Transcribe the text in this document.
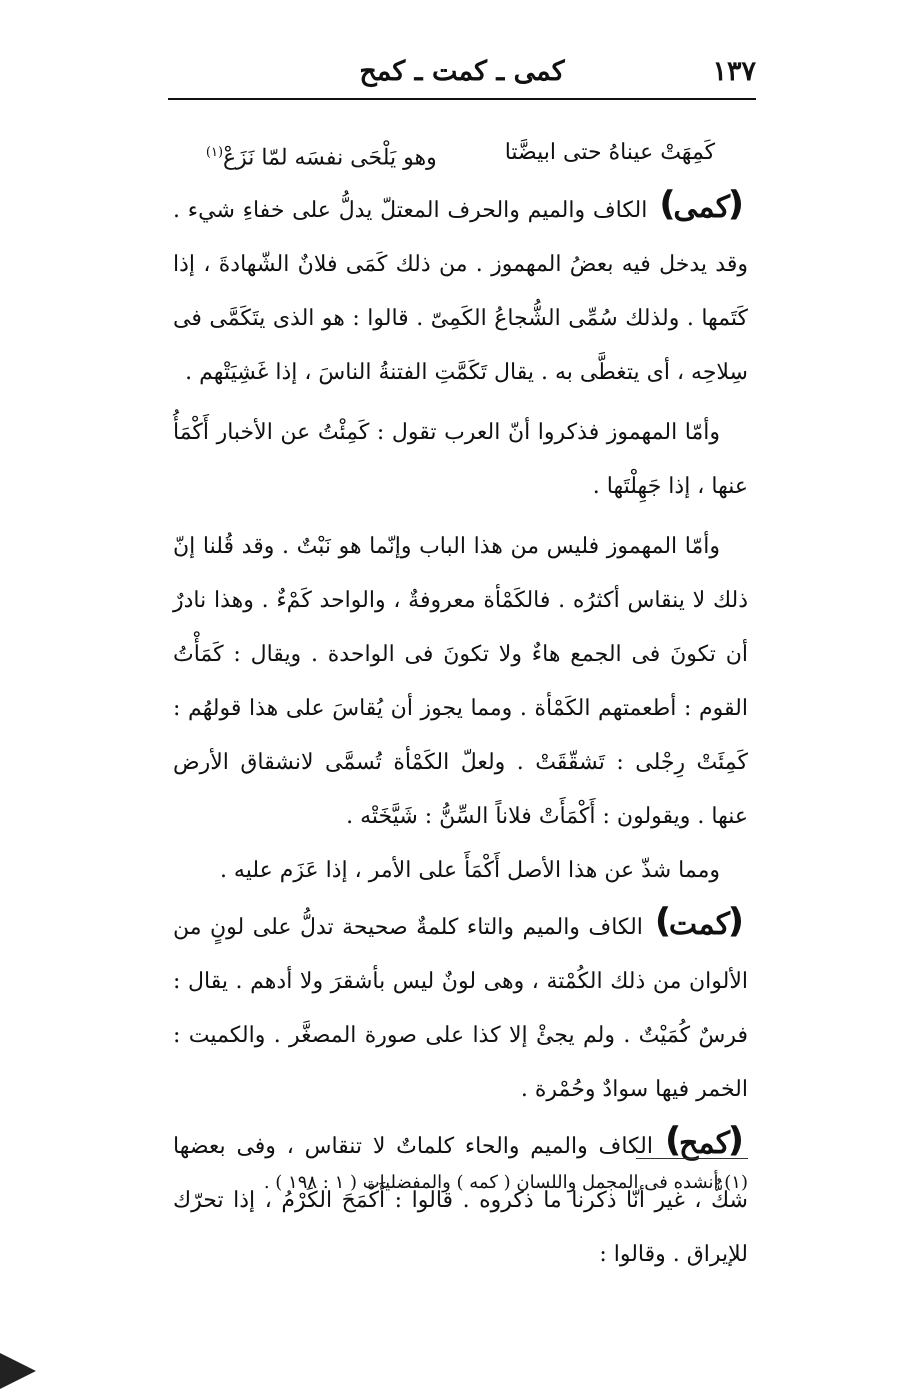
١٣٧
كمى ـ كمت ـ كمح
كَمِهَتْ عيناهُ حتى ابيضَّتا
وهو يَلْحَى نفسَه لمّا نَزَعْ$^{(١)}$

❪ كمى ❫الكاف والميم والحرف المعتلّ يدلُّ على خفاءِ شيء . وقد يدخل فيه بعضُ المهموز . من ذلك كَمَى فلانٌ الشّهادةَ ، إذا كَتَمها . ولذلك سُمِّى الشُّجاعُ الكَمِىّ . قالوا : هو الذى يتَكَمَّى فى سِلاحِه ، أى يتغطَّى به . يقال تَكَمَّتِ الفتنةُ الناسَ ، إذا غَشِيَتْهم .

وأمّا المهموز فذكروا أنّ العرب تقول : كَمِئْتُ عن الأخبار أَكْمَأُ عنها ، إذا جَهِلْتَها .

وأمّا المهموز فليس من هذا الباب وإنّما هو نَبْتٌ . وقد قُلنا إنّ ذلك لا ينقاس أكثرُه . فالكَمْأة معروفةٌ ، والواحد كَمْءٌ . وهذا نادرٌ أن تكونَ فى الجمع هاءٌ ولا تكونَ فى الواحدة . ويقال : كَمَأْتُ القوم : أطعمتهم الكَمْأة . ومما يجوز أن يُقاسَ على هذا قولهُم : كَمِئَتْ رِجْلى : تَشقّقَتْ . ولعلّ الكَمْأة تُسمَّى لانشقاق الأرض عنها . ويقولون : أَكْمَأَتْ فلاناً السِّنُّ : شَيَّخَتْه .

ومما شذّ عن هذا الأصل أَكْمَأَ على الأمر ، إذا عَزَم عليه .

❪ كمت ❫الكاف والميم والتاء كلمةٌ صحيحة تدلُّ على لونٍ من الألوان من ذلك الكُمْتة ، وهى لونٌ ليس بأشقرَ ولا أدهم . يقال : فرسٌ كُمَيْتٌ . ولم يجئْ إلا كذا على صورة المصغَّر . والكميت : الخمر فيها سوادٌ وحُمْرة .

❪ كمح ❫الكاف والميم والحاء كلماتٌ لا تنقاس ، وفى بعضها شكٌّ ، غير أنّا ذكرنا ما ذكروه . قالوا : أَكْمَحَ الكَرْمُ ، إذا تحرّك للإيراق . وقالوا :

(١) أنشده فى المجمل واللسان ( كمه ) والمفضليات ( ١ : ١٩٨ ) .
